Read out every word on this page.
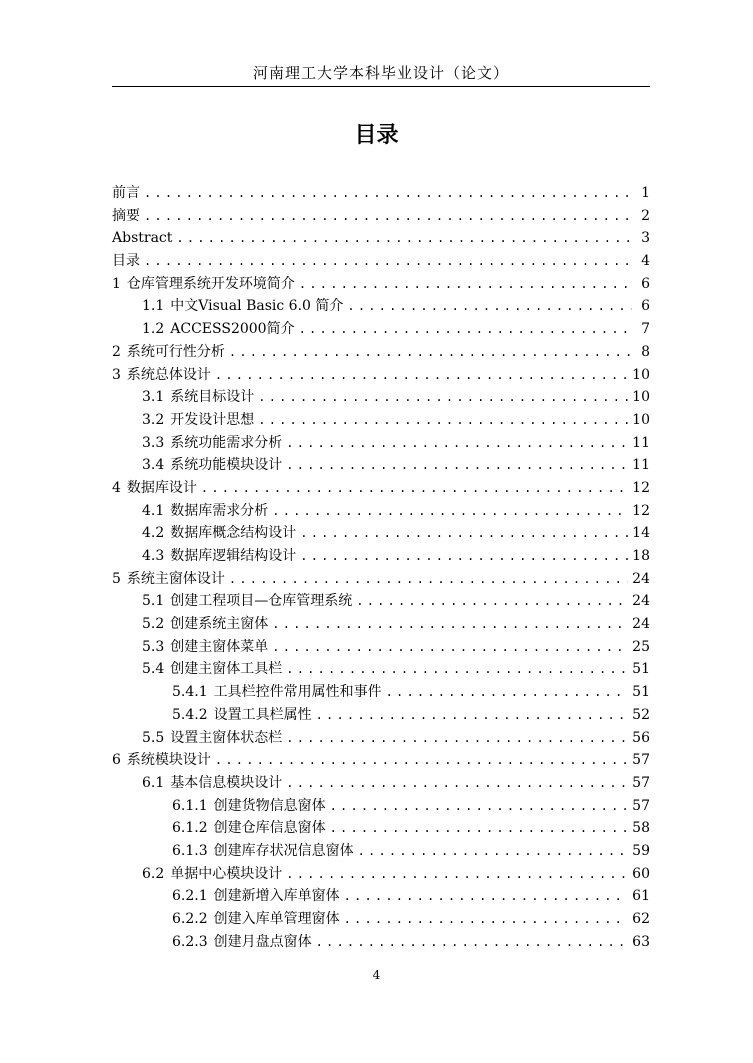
河南理工大学本科毕业设计（论文）
目录
前言 .....	1
摘要 .....	2
Abstract .....	3
目录 .....	4
1 仓库管理系统开发环境简介 .....	6
1.1 中文Visual Basic 6.0 简介 .....	6
1.2 ACCESS2000简介 .....	7
2 系统可行性分析 .....	8
3 系统总体设计 .....	10
3.1 系统目标设计 .....	10
3.2 开发设计思想 .....	10
3.3 系统功能需求分析 .....	11
3.4 系统功能模块设计 .....	11
4 数据库设计 .....	12
4.1 数据库需求分析 .....	12
4.2 数据库概念结构设计 .....	14
4.3 数据库逻辑结构设计 .....	18
5 系统主窗体设计 .....	24
5.1 创建工程项目—仓库管理系统 .....	24
5.2 创建系统主窗体 .....	24
5.3 创建主窗体菜单 .....	25
5.4 创建主窗体工具栏 .....	51
5.4.1 工具栏控件常用属性和事件 .....	51
5.4.2 设置工具栏属性 .....	52
5.5 设置主窗体状态栏 .....	56
6 系统模块设计 .....	57
6.1 基本信息模块设计 .....	57
6.1.1 创建货物信息窗体 .....	57
6.1.2 创建仓库信息窗体 .....	58
6.1.3 创建库存状况信息窗体 .....	59
6.2 单据中心模块设计 .....	60
6.2.1 创建新增入库单窗体 .....	61
6.2.2 创建入库单管理窗体 .....	62
6.2.3 创建月盘点窗体 .....	63
4
